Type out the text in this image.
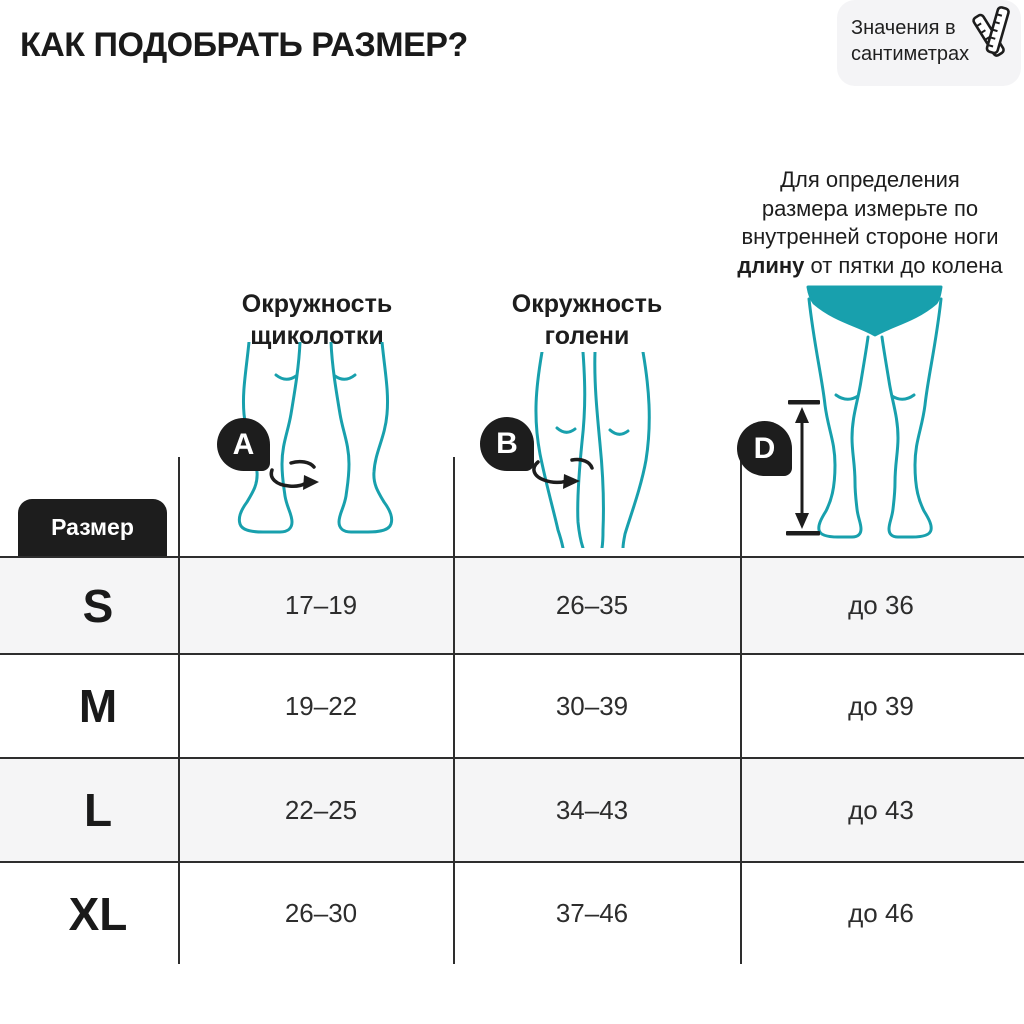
КАК ПОДОБРАТЬ РАЗМЕР?	Значения в
сантиметрах
Для определения
размера измерьте по
внутренней стороне ноги
длину от пятки до колена
Окружность
щиколотки
Окружность
голени
A	B	D
Размер
S	17–19	26–35	до 36
M	19–22	30–39	до 39
L	22–25	34–43	до 43
XL	26–30	37–46	до 46
